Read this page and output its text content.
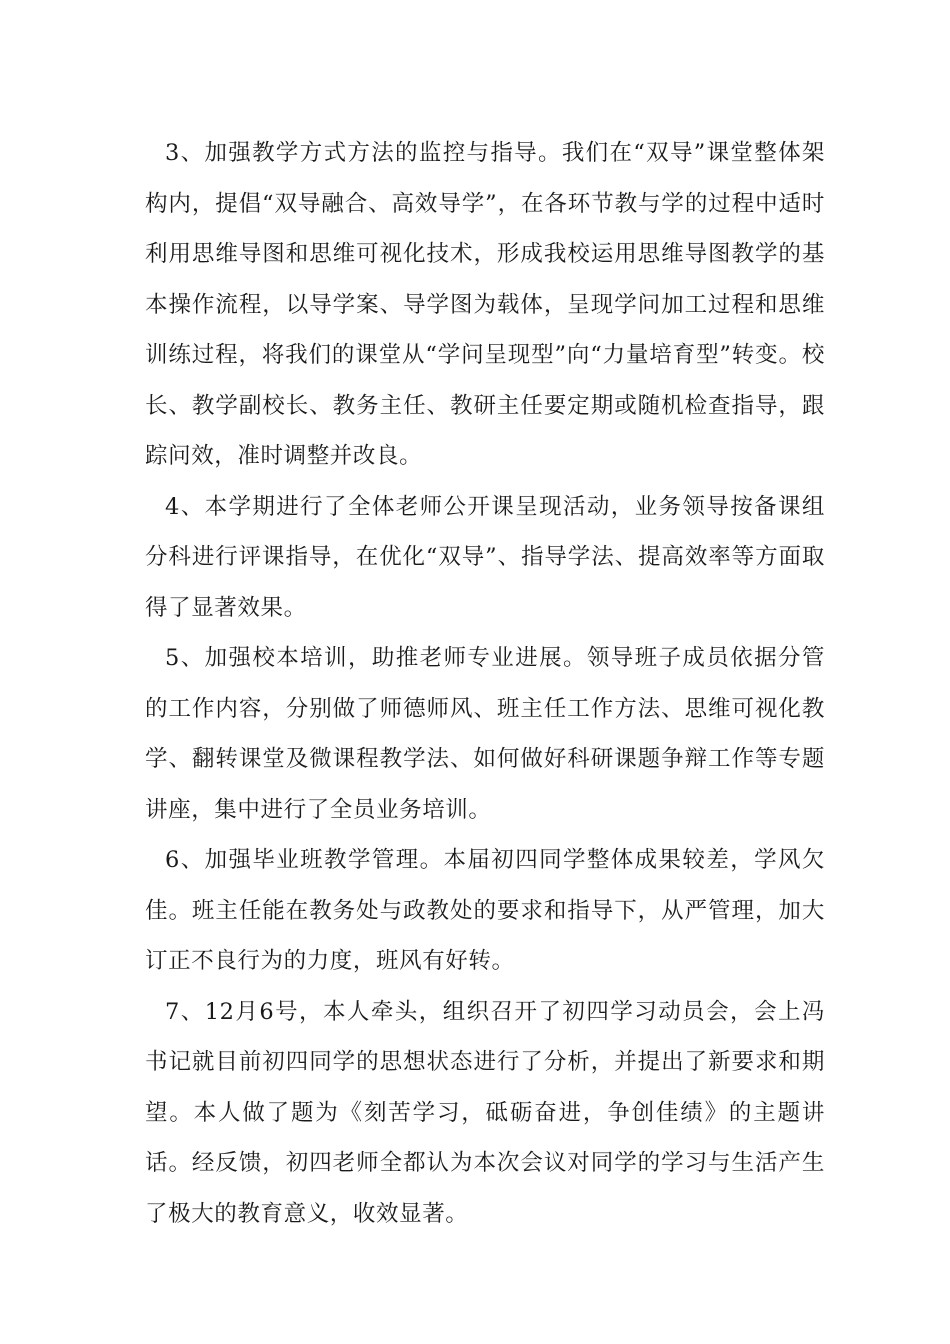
3、加强教学方式方法的监控与指导。我们在“双导”课堂整体架构内，提倡“双导融合、高效导学”，在各环节教与学的过程中适时利用思维导图和思维可视化技术，形成我校运用思维导图教学的基本操作流程，以导学案、导学图为载体，呈现学问加工过程和思维训练过程，将我们的课堂从“学问呈现型”向“力量培育型”转变。校长、教学副校长、教务主任、教研主任要定期或随机检查指导，跟踪问效，准时调整并改良。

4、本学期进行了全体老师公开课呈现活动，业务领导按备课组分科进行评课指导，在优化“双导”、指导学法、提高效率等方面取得了显著效果。

5、加强校本培训，助推老师专业进展。领导班子成员依据分管的工作内容，分别做了师德师风、班主任工作方法、思维可视化教学、翻转课堂及微课程教学法、如何做好科研课题争辩工作等专题讲座，集中进行了全员业务培训。

6、加强毕业班教学管理。本届初四同学整体成果较差，学风欠佳。班主任能在教务处与政教处的要求和指导下，从严管理，加大订正不良行为的力度，班风有好转。

7、12月6号，本人牵头，组织召开了初四学习动员会，会上冯书记就目前初四同学的思想状态进行了分析，并提出了新要求和期望。本人做了题为《刻苦学习，砥砺奋进，争创佳绩》的主题讲话。经反馈，初四老师全都认为本次会议对同学的学习与生活产生了极大的教育意义，收效显著。
